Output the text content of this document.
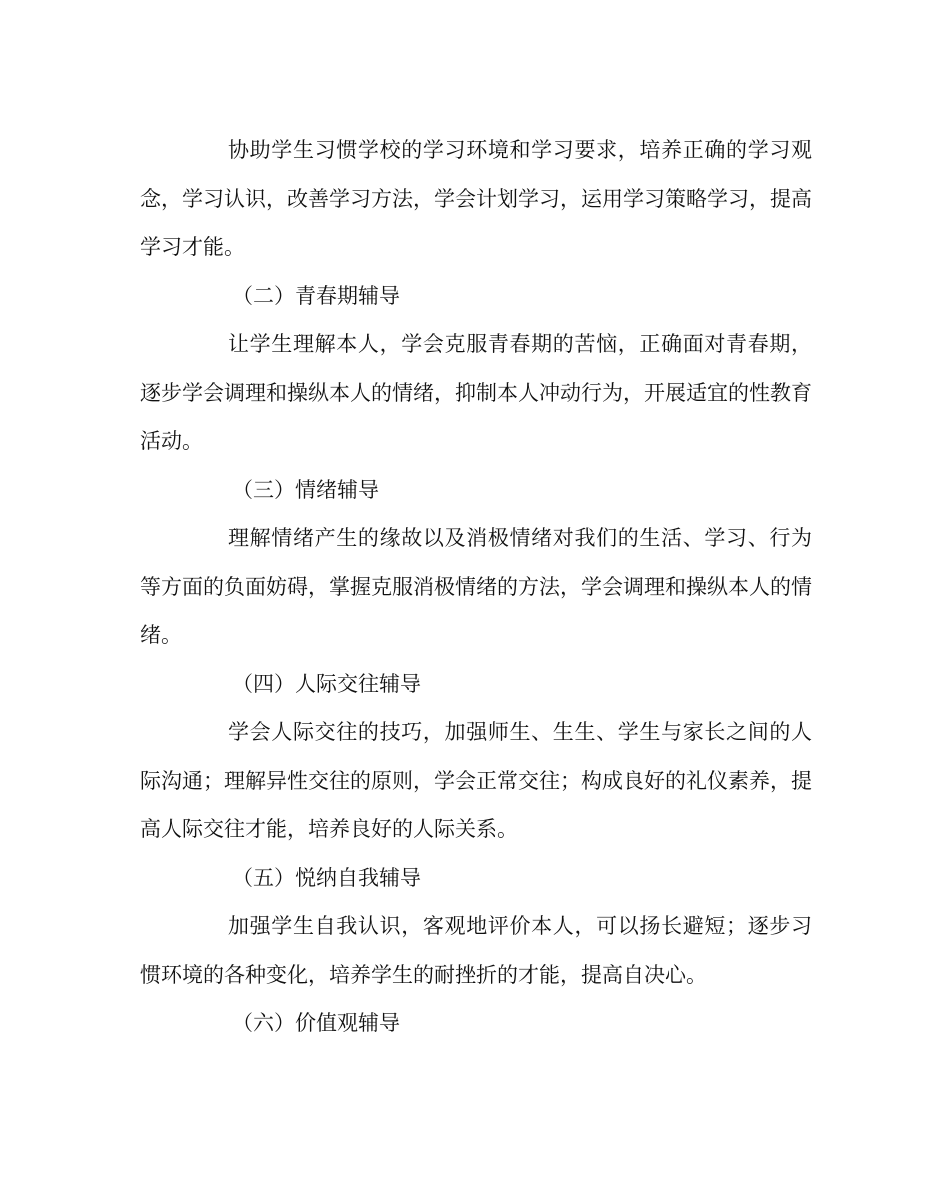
协助学生习惯学校的学习环境和学习要求，培养正确的学习观念，学习认识，改善学习方法，学会计划学习，运用学习策略学习，提高学习才能。

（二）青春期辅导

让学生理解本人，学会克服青春期的苦恼，正确面对青春期，逐步学会调理和操纵本人的情绪，抑制本人冲动行为，开展适宜的性教育活动。

（三）情绪辅导

理解情绪产生的缘故以及消极情绪对我们的生活、学习、行为等方面的负面妨碍，掌握克服消极情绪的方法，学会调理和操纵本人的情绪。

（四）人际交往辅导

学会人际交往的技巧，加强师生、生生、学生与家长之间的人际沟通；理解异性交往的原则，学会正常交往；构成良好的礼仪素养，提高人际交往才能，培养良好的人际关系。

（五）悦纳自我辅导

加强学生自我认识，客观地评价本人，可以扬长避短；逐步习惯环境的各种变化，培养学生的耐挫折的才能，提高自决心。

（六）价值观辅导
